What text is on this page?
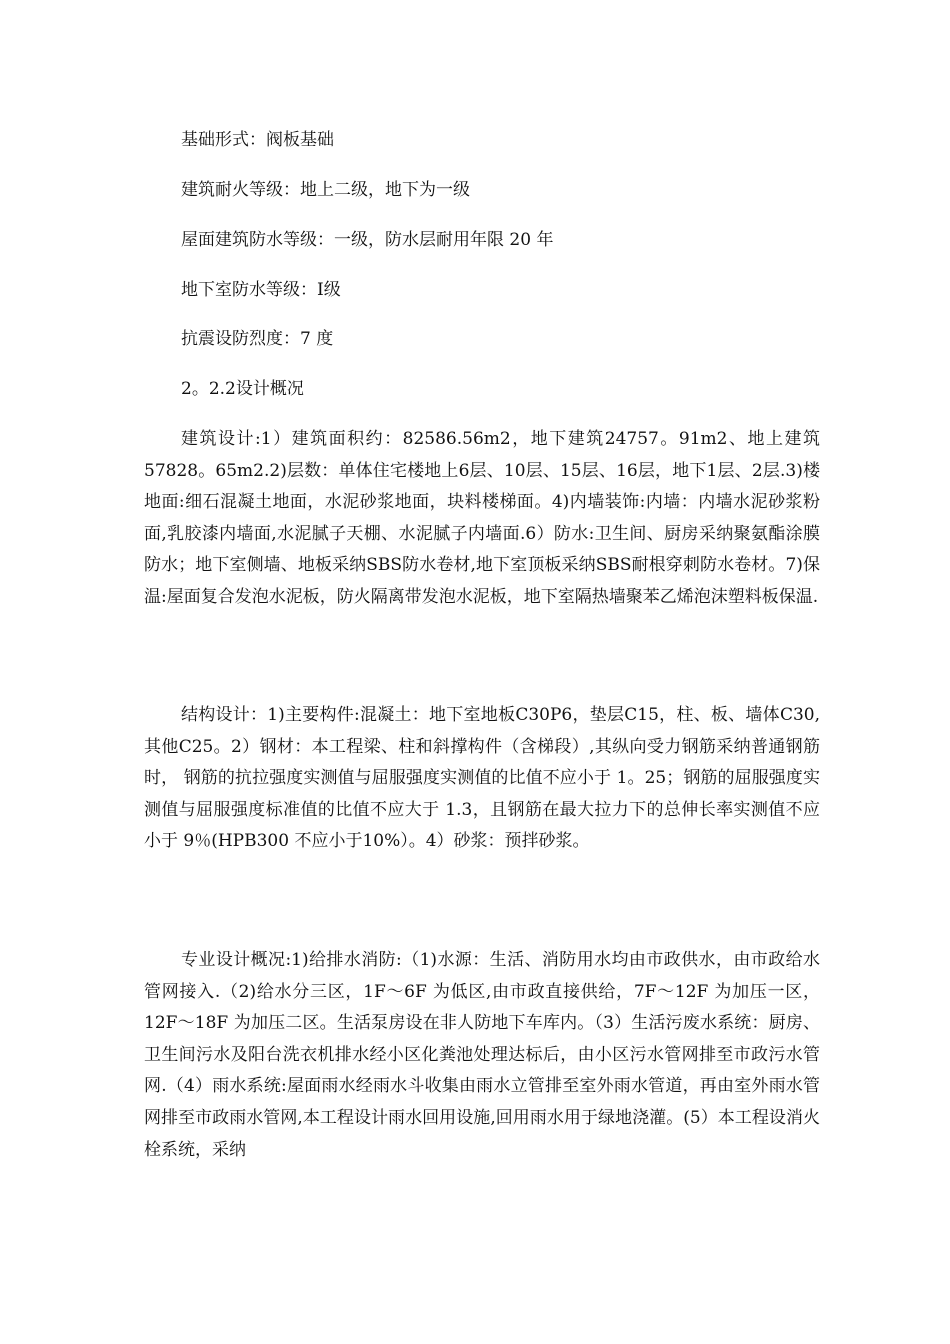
基础形式：阀板基础
建筑耐火等级：地上二级，地下为一级
屋面建筑防水等级：一级，防水层耐用年限 20 年
地下室防水等级：Ⅰ级
抗震设防烈度：7 度
2。2.2设计概况
建筑设计:1）建筑面积约：82586.56m2，地下建筑24757。91m2、地上建筑57828。65m2.2)层数：单体住宅楼地上6层、10层、15层、16层，地下1层、2层.3)楼地面:细石混凝土地面，水泥砂浆地面，块料楼梯面。4)内墙装饰:内墙：内墙水泥砂浆粉面,乳胶漆内墙面,水泥腻子天棚、水泥腻子内墙面.6）防水:卫生间、厨房采纳聚氨酯涂膜防水；地下室侧墙、地板采纳SBS防水卷材,地下室顶板采纳SBS耐根穿刺防水卷材。7)保温:屋面复合发泡水泥板，防火隔离带发泡水泥板，地下室隔热墙聚苯乙烯泡沫塑料板保温.
结构设计：1)主要构件:混凝土：地下室地板C30P6，垫层C15，柱、板、墙体C30,其他C25。2）钢材：本工程梁、柱和斜撑构件（含梯段）,其纵向受力钢筋采纳普通钢筋时， 钢筋的抗拉强度实测值与屈服强度实测值的比值不应小于 1。25；钢筋的屈服强度实测值与屈服强度标准值的比值不应大于 1.3，且钢筋在最大拉力下的总伸长率实测值不应小于 9％(HPB300 不应小于10%）。4）砂浆：预拌砂浆。
专业设计概况:1)给排水消防:（1)水源：生活、消防用水均由市政供水，由市政给水管网接入.（2)给水分三区，1F～6F 为低区,由市政直接供给，7F～12F 为加压一区，12F～18F 为加压二区。生活泵房设在非人防地下车库内。（3）生活污废水系统：厨房、卫生间污水及阳台洗衣机排水经小区化粪池处理达标后，由小区污水管网排至市政污水管网.（4）雨水系统:屋面雨水经雨水斗收集由雨水立管排至室外雨水管道，再由室外雨水管网排至市政雨水管网,本工程设计雨水回用设施,回用雨水用于绿地浇灌。(5）本工程设消火栓系统，采纳
